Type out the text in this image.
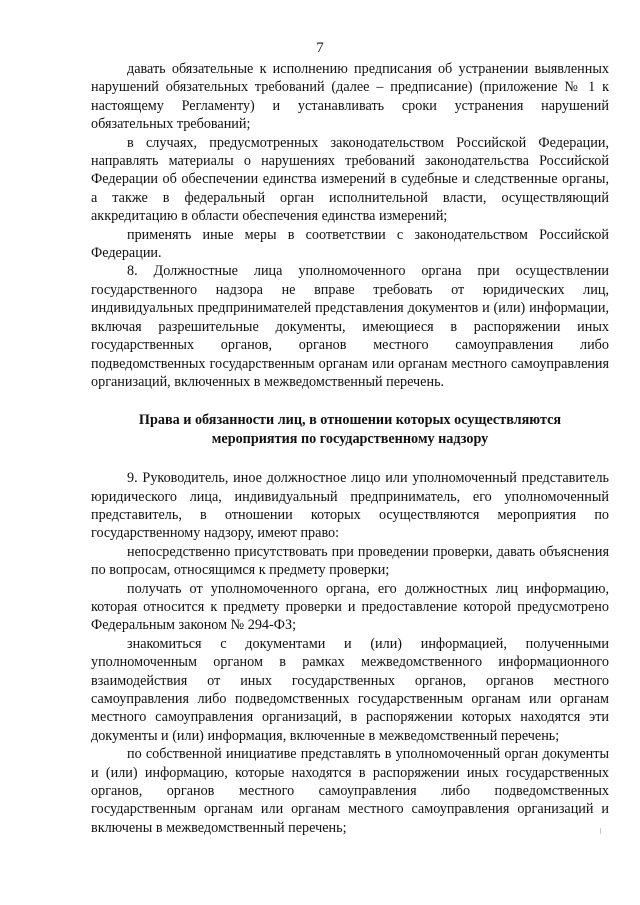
7

давать обязательные к исполнению предписания об устранении выявленных нарушений обязательных требований (далее – предписание) (приложение № 1 к настоящему Регламенту) и устанавливать сроки устранения нарушений обязательных требований;

в случаях, предусмотренных законодательством Российской Федерации, направлять материалы о нарушениях требований законодательства Российской Федерации об обеспечении единства измерений в судебные и следственные органы, а также в федеральный орган исполнительной власти, осуществляющий аккредитацию в области обеспечения единства измерений;

применять иные меры в соответствии с законодательством Российской Федерации.

8. Должностные лица уполномоченного органа при осуществлении государственного надзора не вправе требовать от юридических лиц, индивидуальных предпринимателей представления документов и (или) информации, включая разрешительные документы, имеющиеся в распоряжении иных государственных органов, органов местного самоуправления либо подведомственных государственным органам или органам местного самоуправления организаций, включенных в межведомственный перечень.

Права и обязанности лиц, в отношении которых осуществляются
мероприятия по государственному надзору

9. Руководитель, иное должностное лицо или уполномоченный представитель юридического лица, индивидуальный предприниматель, его уполномоченный представитель, в отношении которых осуществляются мероприятия по государственному надзору, имеют право:

непосредственно присутствовать при проведении проверки, давать объяснения по вопросам, относящимся к предмету проверки;

получать от уполномоченного органа, его должностных лиц информацию, которая относится к предмету проверки и предоставление которой предусмотрено Федеральным законом № 294-ФЗ;

знакомиться с документами и (или) информацией, полученными уполномоченным органом в рамках межведомственного информационного взаимодействия от иных государственных органов, органов местного самоуправления либо подведомственных государственным органам или органам местного самоуправления организаций, в распоряжении которых находятся эти документы и (или) информация, включенные в межведомственный перечень;

по собственной инициативе представлять в уполномоченный орган документы и (или) информацию, которые находятся в распоряжении иных государственных органов, органов местного самоуправления либо подведомственных государственным органам или органам местного самоуправления организаций и включены в межведомственный перечень;
